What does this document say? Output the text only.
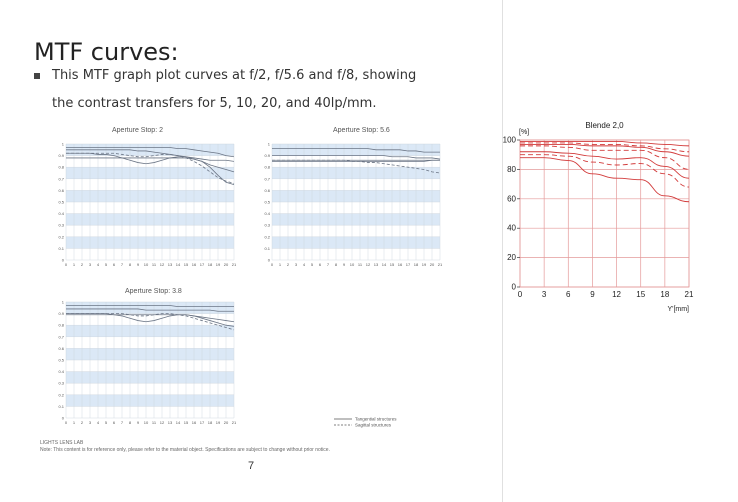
MTF curves:
This MTF graph plot curves at f/2, f/5.6 and f/8, showing
the contrast transfers for 5, 10, 20, and 40lp/mm.
Aperture Stop: 2	Aperture Stop: 5.6
Aperture Stop: 3.8
0
0.1
0.2
0.3
0.4
0.5
0.6
0.7
0.8
0.9
1
0 1 2 3 4 5 6 7 8 9 10 11 12 13 14 15 16 17 18 19 20 21
0
0.1
0.2
0.3
0.4
0.5
0.6
0.7
0.8
0.9
1
0 1 2 3 4 5 6 7 8 9 10 11 12 13 14 15 16 17 18 19 20 21
0
0.1
0.2
0.3
0.4
0.5
0.6
0.7
0.8
0.9
1
0 1 2 3 4 5 6 7 8 9 10 11 12 13 14 15 16 17 18 19 20 21
Tangential structures
Sagittal structures
LIGHTS LENS LAB
Note: This content is for reference only, please refer to the material object. Specifications are subject to change without prior notice.
7
Blende 2,0
[%]
0
20
40
60
80
100
0 3 6 9 12 15 18 21
Y'[mm]
